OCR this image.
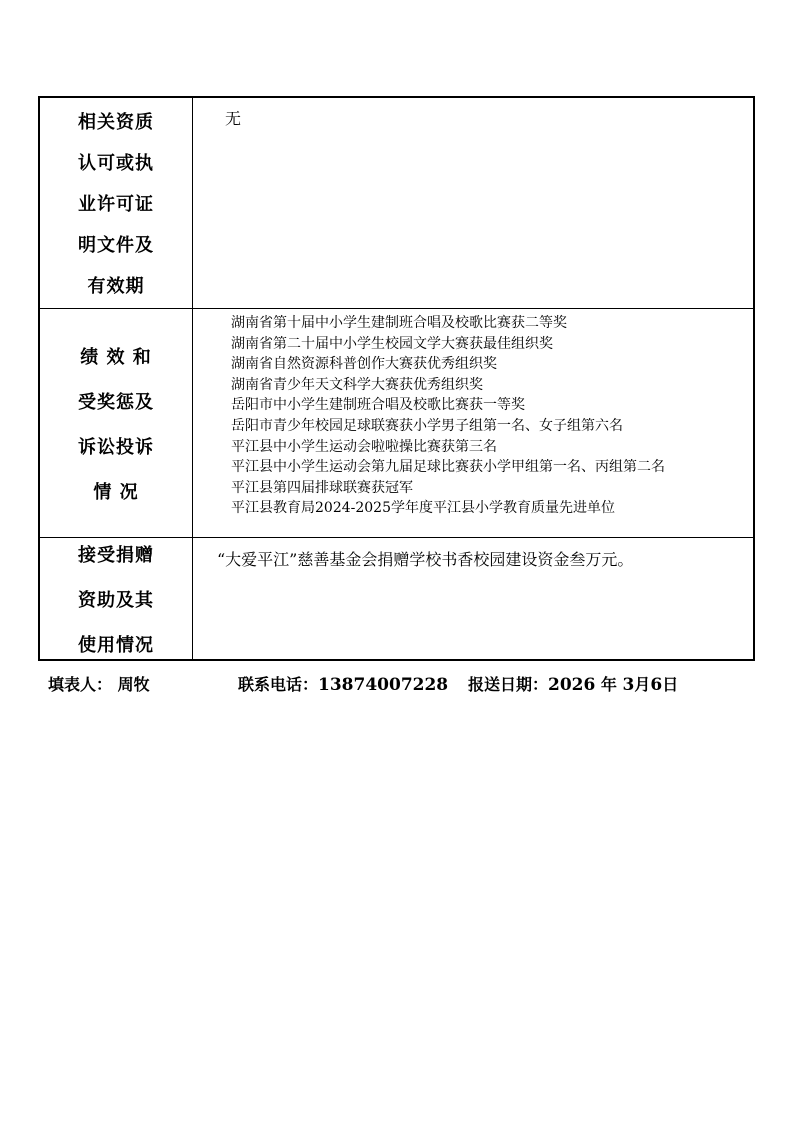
相关资质
认可或执
业许可证
明文件及
有效期
无
绩 效 和
受奖惩及
诉讼投诉
情 况
湖南省第十届中小学生建制班合唱及校歌比赛获二等奖
湖南省第二十届中小学生校园文学大赛获最佳组织奖
湖南省自然资源科普创作大赛获优秀组织奖
湖南省青少年天文科学大赛获优秀组织奖
岳阳市中小学生建制班合唱及校歌比赛获一等奖
岳阳市青少年校园足球联赛获小学男子组第一名、女子组第六名
平江县中小学生运动会啦啦操比赛获第三名
平江县中小学生运动会第九届足球比赛获小学甲组第一名、丙组第二名
平江县第四届排球联赛获冠军
平江县教育局2024-2025学年度平江县小学教育质量先进单位
接受捐赠
资助及其
使用情况
“大爱平江”慈善基金会捐赠学校书香校园建设资金叁万元。
填表人： 周牧	联系电话：13874007228 报送日期：2026 年 3月6日
